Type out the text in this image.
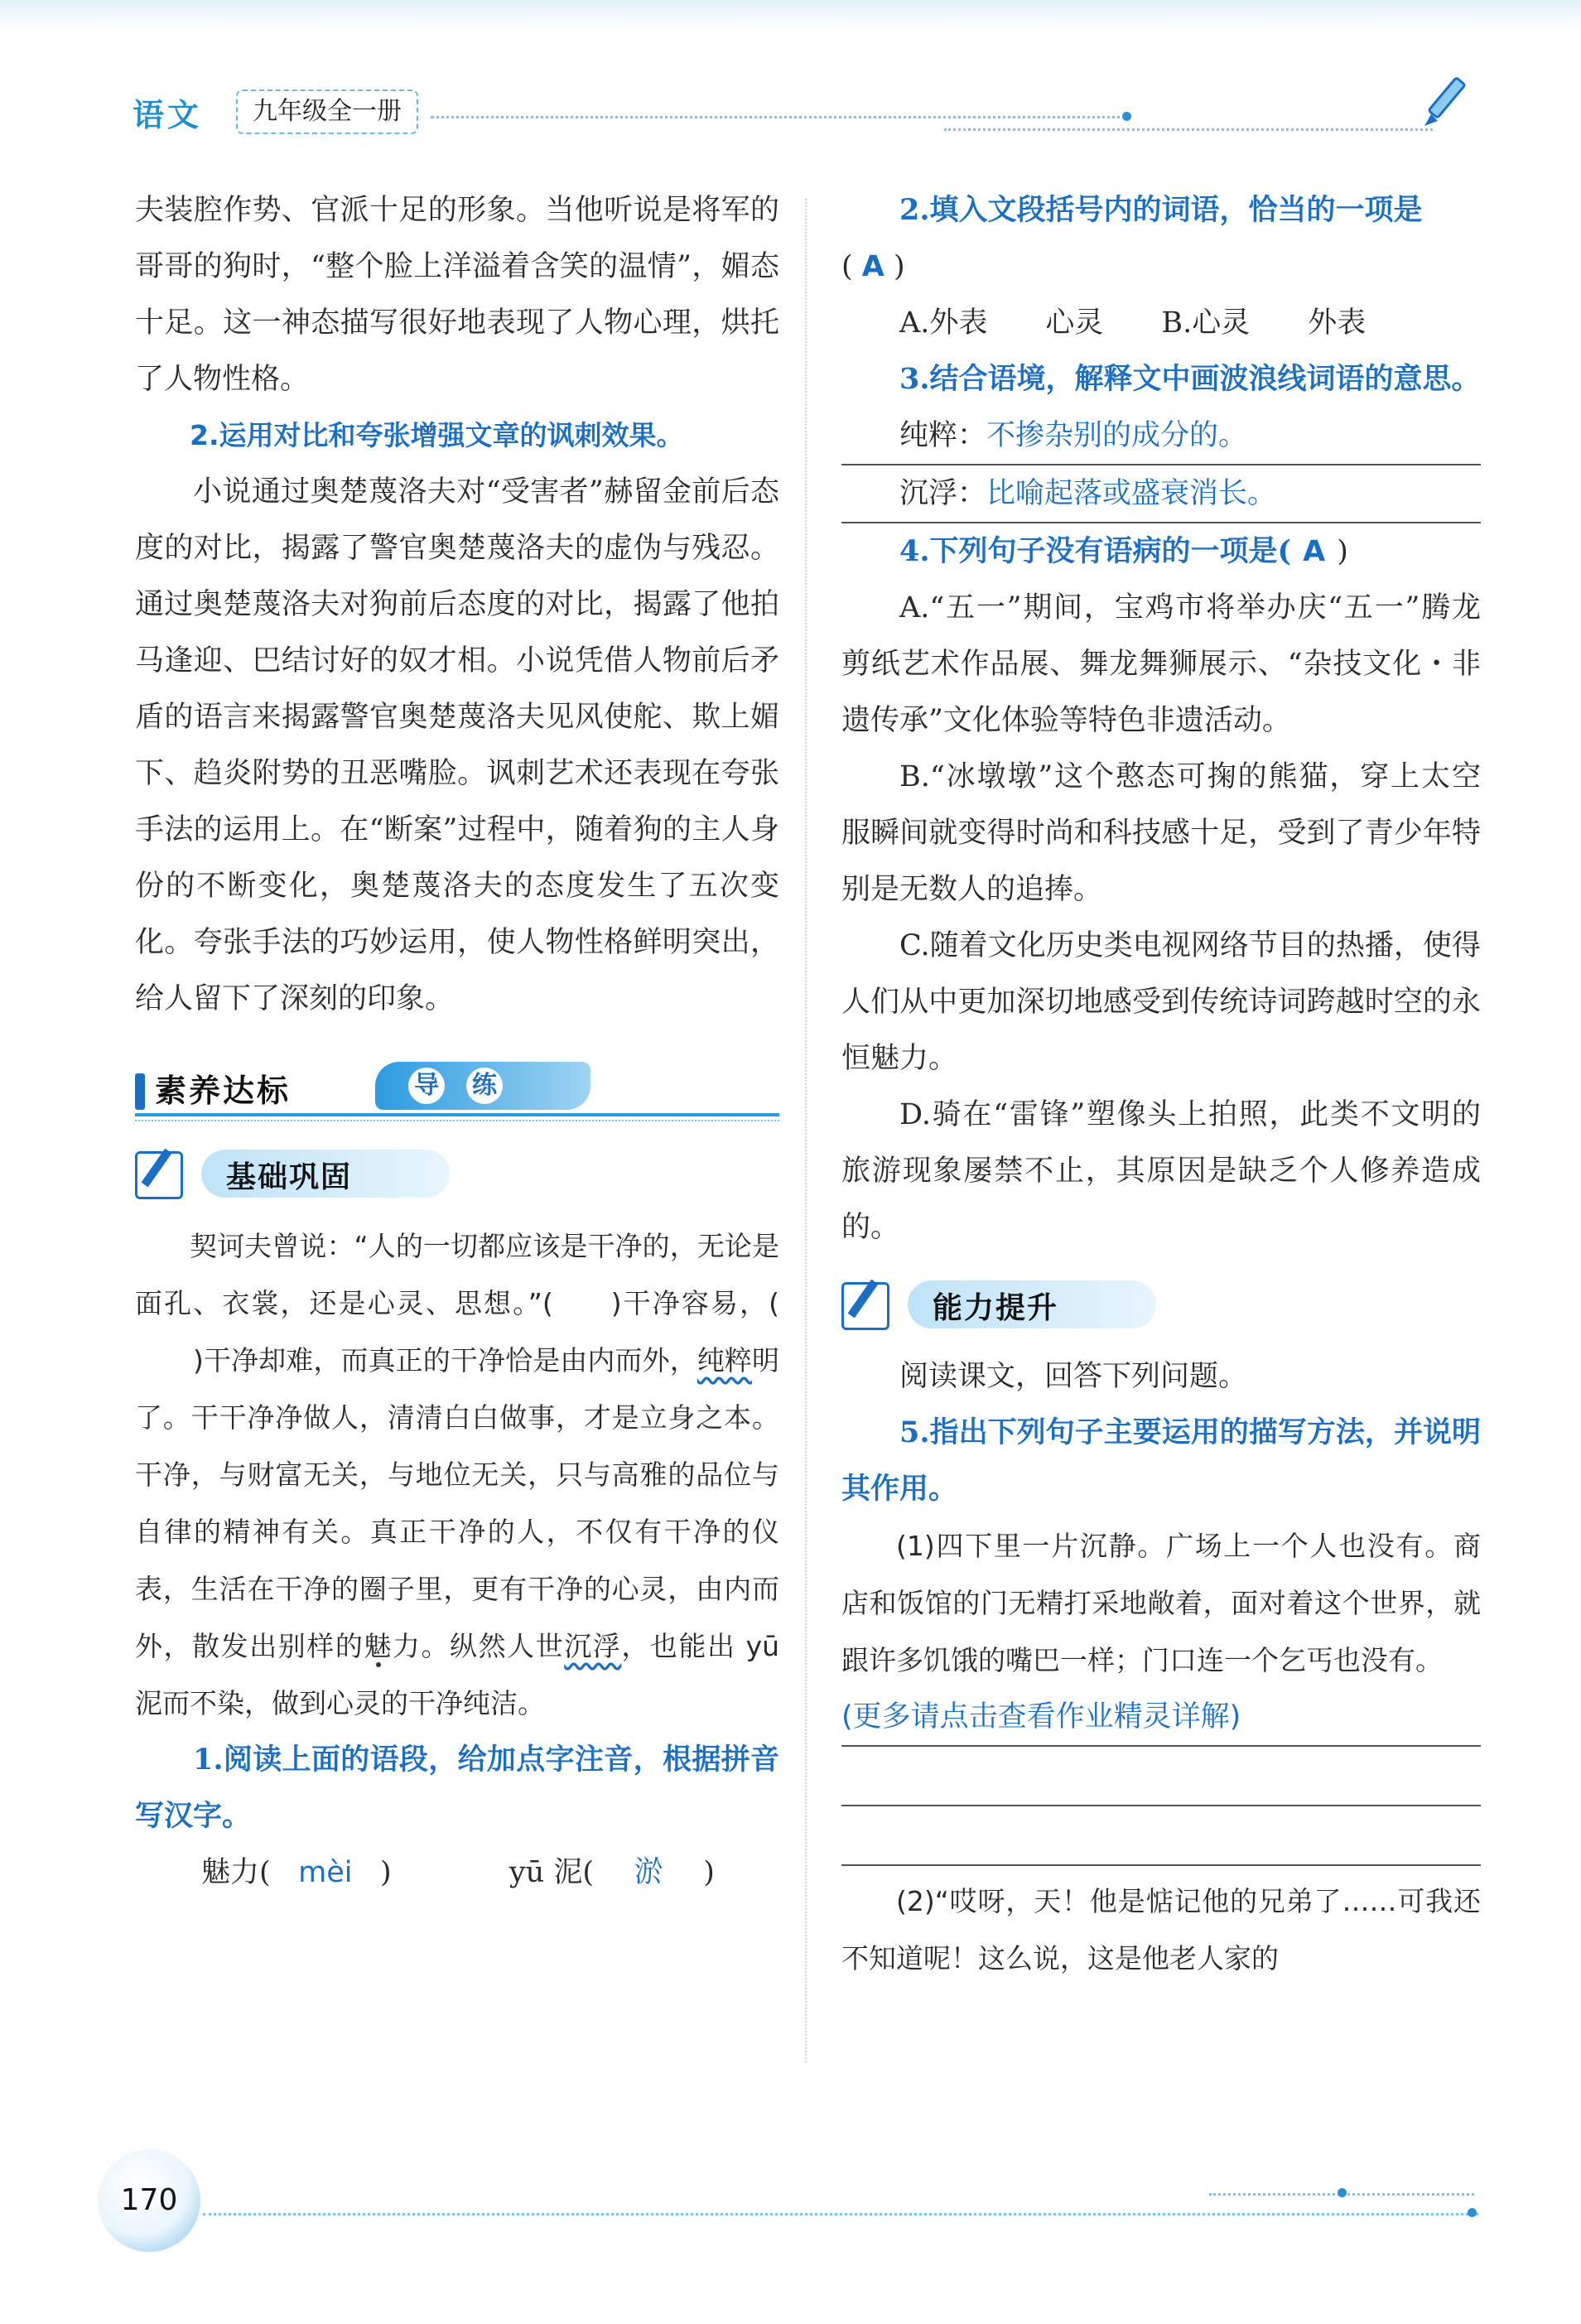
语文	九年级全一册

夫装腔作势、官派十足的形象。当他听说是将军的哥哥的狗时，“整个脸上洋溢着含笑的温情”，媚态十足。这一神态描写很好地表现了人物心理，烘托了人物性格。

2.运用对比和夸张增强文章的讽刺效果。

小说通过奥楚蔑洛夫对“受害者”赫留金前后态度的对比，揭露了警官奥楚蔑洛夫的虚伪与残忍。通过奥楚蔑洛夫对狗前后态度的对比，揭露了他拍马逢迎、巴结讨好的奴才相。小说凭借人物前后矛盾的语言来揭露警官奥楚蔑洛夫见风使舵、欺上媚下、趋炎附势的丑恶嘴脸。讽刺艺术还表现在夸张手法的运用上。在“断案”过程中，随着狗的主人身份的不断变化，奥楚蔑洛夫的态度发生了五次变化。夸张手法的巧妙运用，使人物性格鲜明突出，给人留下了深刻的印象。

素养达标	导 练
基础巩固

契诃夫曾说：“人的一切都应该是干净的，无论是面孔、衣裳，还是心灵、思想。”( )干净容易，()干净却难，而真正的干净恰是由内而外，纯粹明了。干干净净做人，清清白白做事，才是立身之本。干净，与财富无关，与地位无关，只与高雅的品位与自律的精神有关。真正干净的人，不仅有干净的仪表，生活在干净的圈子里，更有干净的心灵，由内而外，散发出别样的魅力。纵然人世沉浮，也能出 yū 泥而不染，做到心灵的干净纯洁。

1.阅读上面的语段，给加点字注音，根据拼音写汉字。

魅力( mèi )	yū 泥( 淤 )

2.填入文段括号内的词语，恰当的一项是

( A )

A.外表　　心灵　　B.心灵　　外表

3.结合语境，解释文中画波浪线词语的意思。

纯粹：不掺杂别的成分的。

沉浮：比喻起落或盛衰消长。

4.下列句子没有语病的一项是( A )

A.“五一”期间，宝鸡市将举办庆“五一”腾龙剪纸艺术作品展、舞龙舞狮展示、“杂技文化・非遗传承”文化体验等特色非遗活动。

B.“冰墩墩”这个憨态可掬的熊猫，穿上太空服瞬间就变得时尚和科技感十足，受到了青少年特别是无数人的追捧。

C.随着文化历史类电视网络节目的热播，使得人们从中更加深切地感受到传统诗词跨越时空的永恒魅力。

D.骑在“雷锋”塑像头上拍照，此类不文明的旅游现象屡禁不止，其原因是缺乏个人修养造成的。

能力提升

阅读课文，回答下列问题。

5.指出下列句子主要运用的描写方法，并说明其作用。

(1)四下里一片沉静。广场上一个人也没有。商店和饭馆的门无精打采地敞着，面对着这个世界，就跟许多饥饿的嘴巴一样；门口连一个乞丐也没有。

(更多请点击查看作业精灵详解)

(2)“哎呀，天！他是惦记他的兄弟了……可我还不知道呢！这么说，这是他老人家的

170
